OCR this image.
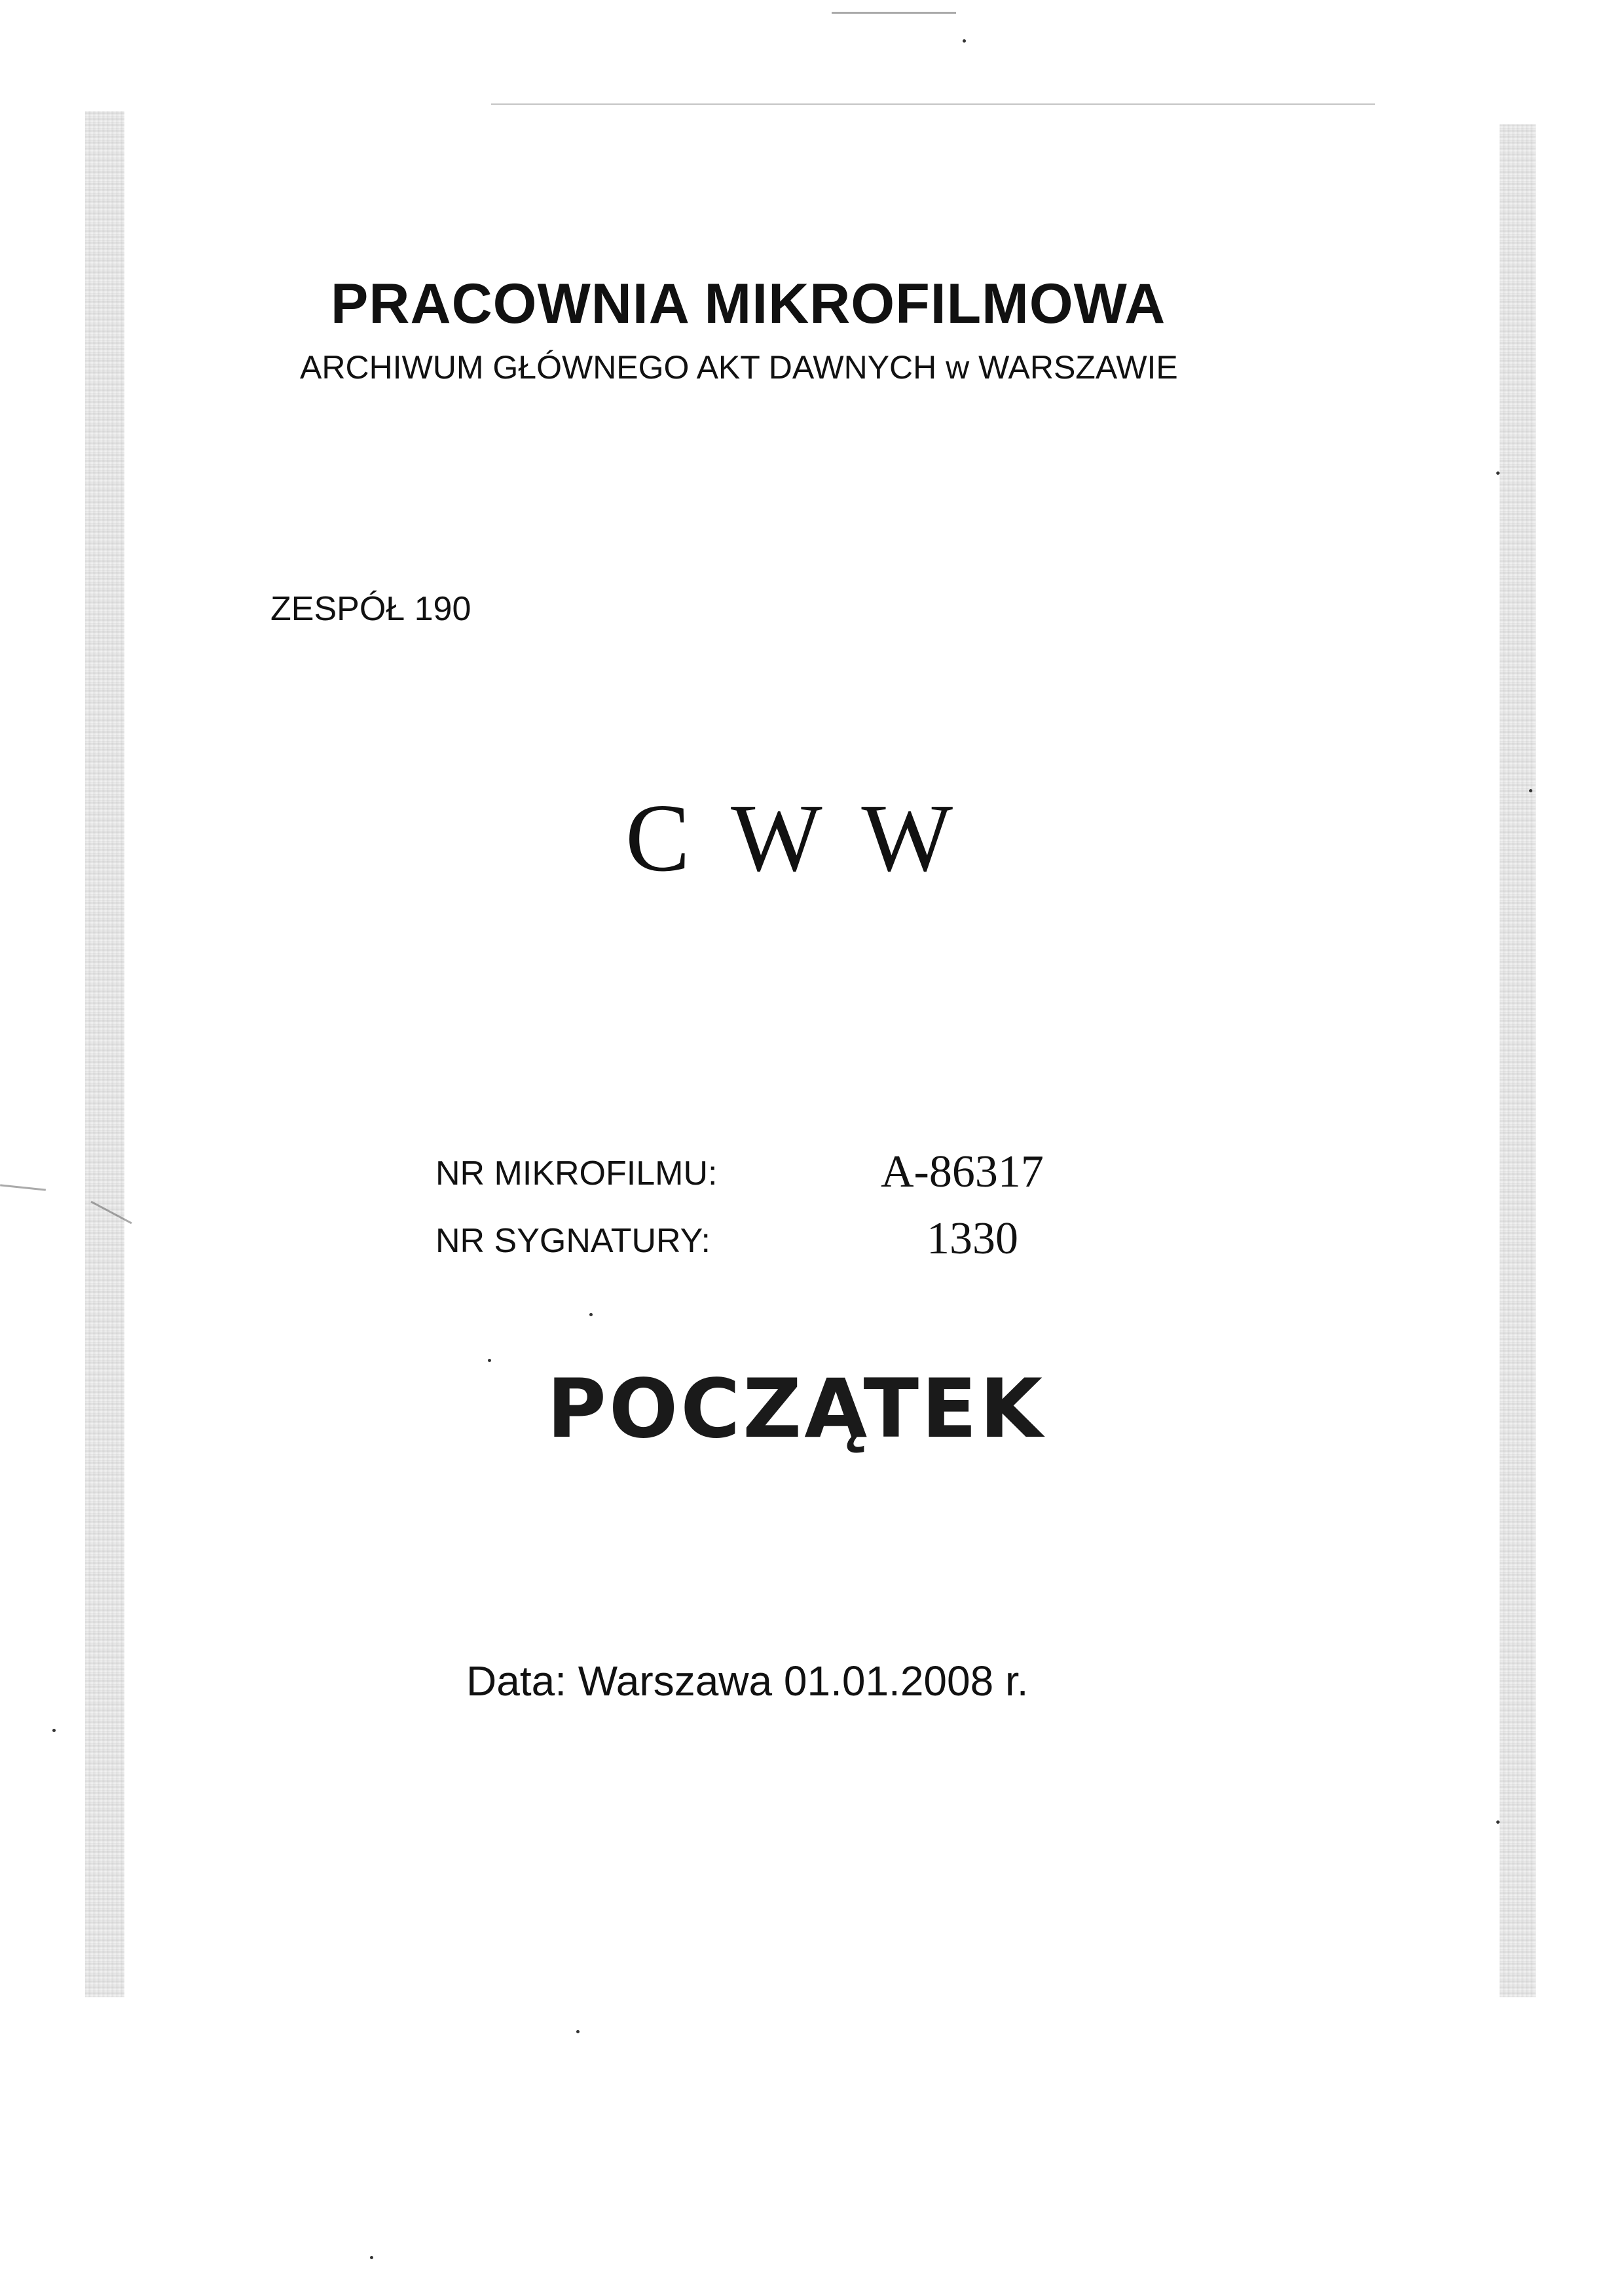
PRACOWNIA MIKROFILMOWA
ARCHIWUM GŁÓWNEGO AKT DAWNYCH w WARSZAWIE
ZESPÓŁ 190
C W W
NR MIKROFILMU:	A-86317
NR SYGNATURY:	1330
POCZĄTEK
Data: Warszawa 01.01.2008 r.
